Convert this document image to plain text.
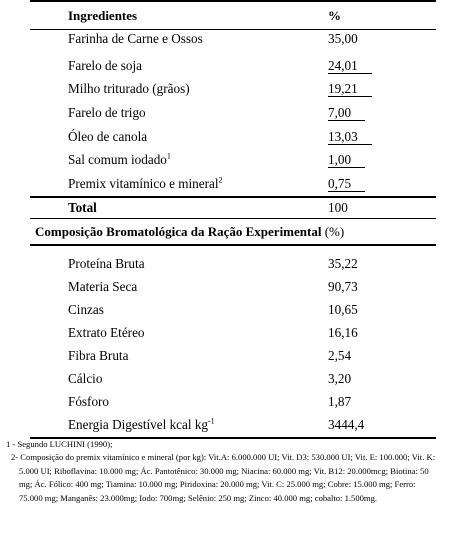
Ingredientes	%
Farinha de Carne e Ossos	35,00
Farelo de soja	24,01
Milho triturado (grãos)	19,21
Farelo de trigo	7,00
Óleo de canola	13,03
Sal comum iodado$^1$	1,00
Premix vitamínico e mineral$^2$	0,75
Total	100
Composição Bromatológica da Ração Experimental (%)
Proteína Bruta	35,22
Materia Seca	90,73
Cinzas	10,65
Extrato Etéreo	16,16
Fibra Bruta	2,54
Cálcio	3,20
Fósforo	1,87
Energia Digestível kcal $kg^{-1}$	3444,4
1 - Segundo LUCHINI (1990);
2- Composição do premix vitamínico e mineral (por kg): Vit.A: 6.000.000 UI; Vit. D3: 530.000 UI; Vit. E: 100.000; Vit. K: 5.000 UI; Riboflavina: 10.000 mg; Ác. Pantotênico: 30.000 mg; Niacina: 60.000 mg; Vit. B12: 20.000mcg; Biotina: 50 mg; Ác. Fólico: 400 mg; Tiamina: 10.000 mg; Piridoxina: 20.000 mg; Vit. C: 25.000 mg; Cobre: 15.000 mg; Ferro: 75.000 mg; Manganês: 23.000mg; Iodo: 700mg; Selênio: 250 mg; Zinco: 40.000 mg; cobalto: 1.500mg.
